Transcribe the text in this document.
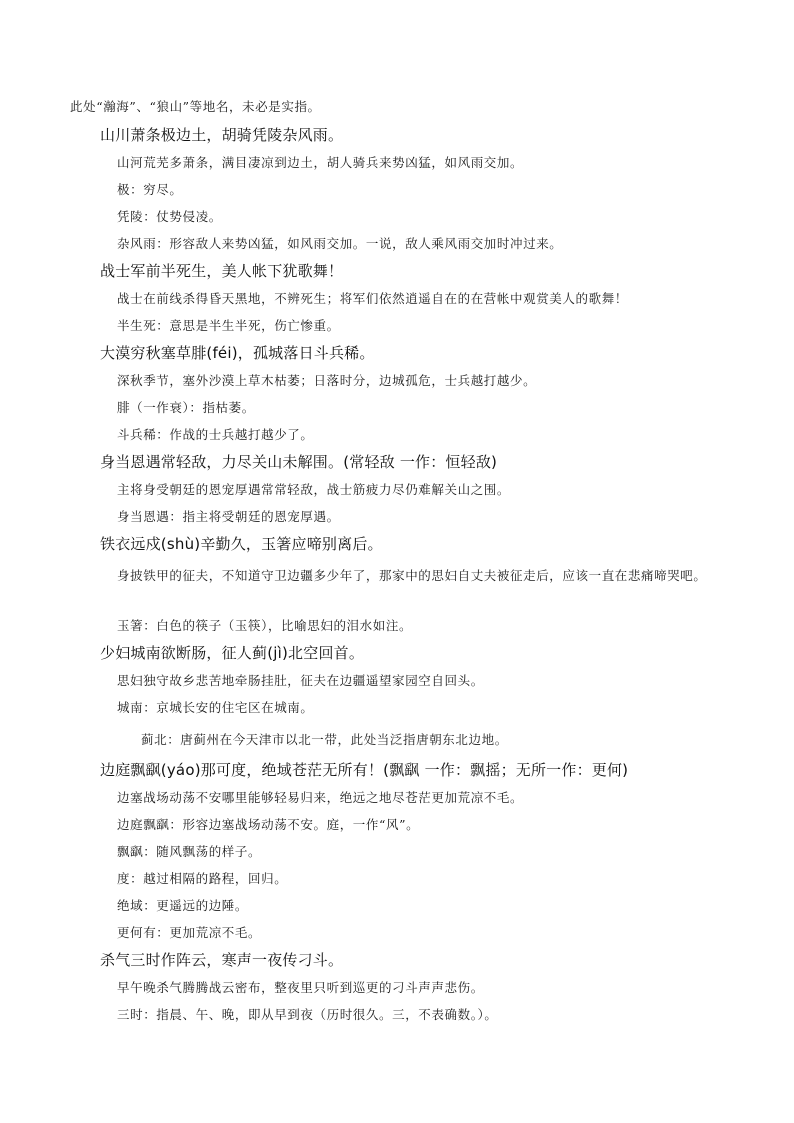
此处“瀚海”、“狼山”等地名，未必是实指。
山川萧条极边土，胡骑凭陵杂风雨。
山河荒芜多萧条，满目凄凉到边土，胡人骑兵来势凶猛，如风雨交加。
极：穷尽。
凭陵：仗势侵凌。
杂风雨：形容敌人来势凶猛，如风雨交加。一说，敌人乘风雨交加时冲过来。
战士军前半死生，美人帐下犹歌舞！
战士在前线杀得昏天黑地，不辨死生；将军们依然逍遥自在的在营帐中观赏美人的歌舞！
半生死：意思是半生半死，伤亡惨重。
大漠穷秋塞草腓(féi)，孤城落日斗兵稀。
深秋季节，塞外沙漠上草木枯萎；日落时分，边城孤危，士兵越打越少。
腓（一作衰）：指枯萎。
斗兵稀：作战的士兵越打越少了。
身当恩遇常轻敌，力尽关山未解围。(常轻敌 一作：恒轻敌)
主将身受朝廷的恩宠厚遇常常轻敌，战士筋疲力尽仍难解关山之围。
身当恩遇：指主将受朝廷的恩宠厚遇。
铁衣远戍(shù)辛勤久，玉箸应啼别离后。
身披铁甲的征夫，不知道守卫边疆多少年了，那家中的思妇自丈夫被征走后，应该一直在悲痛啼哭吧。
玉箸：白色的筷子（玉筷），比喻思妇的泪水如注。
少妇城南欲断肠，征人蓟(jì)北空回首。
思妇独守故乡悲苦地牵肠挂肚，征夫在边疆遥望家园空自回头。
城南：京城长安的住宅区在城南。
蓟北：唐蓟州在今天津市以北一带，此处当泛指唐朝东北边地。
边庭飘飖(yáo)那可度，绝域苍茫无所有！(飘飖 一作：飘摇；无所一作：更何)
边塞战场动荡不安哪里能够轻易归来，绝远之地尽苍茫更加荒凉不毛。
边庭飘飖：形容边塞战场动荡不安。庭，一作“风”。
飘飖：随风飘荡的样子。
度：越过相隔的路程，回归。
绝域：更遥远的边陲。
更何有：更加荒凉不毛。
杀气三时作阵云，寒声一夜传刁斗。
早午晚杀气腾腾战云密布，整夜里只听到巡更的刁斗声声悲伤。
三时：指晨、午、晚，即从早到夜（历时很久。三，不表确数。）。
